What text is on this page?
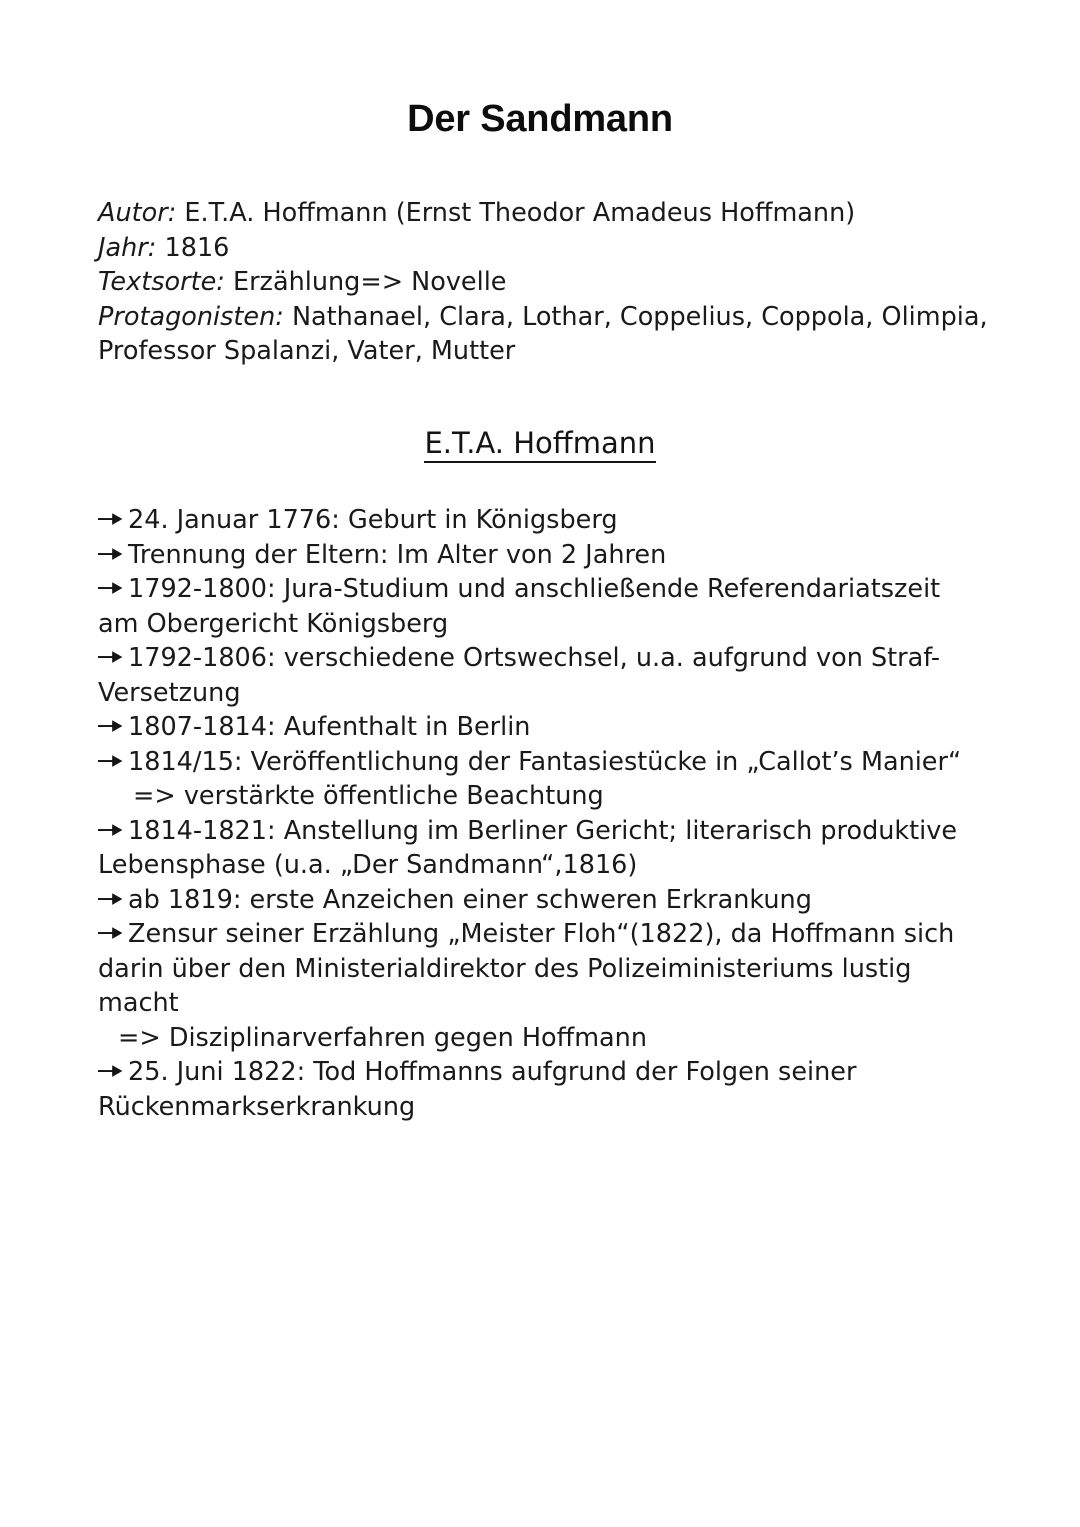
Der Sandmann
Autor: E.T.A. Hoffmann (Ernst Theodor Amadeus Hoffmann)
Jahr: 1816
Textsorte: Erzählung=> Novelle
Protagonisten: Nathanael, Clara, Lothar, Coppelius, Coppola, Olimpia, Professor Spalanzi, Vater, Mutter
E.T.A. Hoffmann
24. Januar 1776: Geburt in Königsberg
Trennung der Eltern: Im Alter von 2 Jahren
1792-1800: Jura-Studium und anschließende Referendariatszeit am Obergericht Königsberg
1792-1806: verschiedene Ortswechsel, u.a. aufgrund von Straf-Versetzung
1807-1814: Aufenthalt in Berlin
1814/15: Veröffentlichung der Fantasiestücke in „Callot’s Manier“
=> verstärkte öffentliche Beachtung
1814-1821: Anstellung im Berliner Gericht; literarisch produktive Lebensphase (u.a. „Der Sandmann“,1816)
ab 1819: erste Anzeichen einer schweren Erkrankung
Zensur seiner Erzählung „Meister Floh“(1822), da Hoffmann sich darin über den Ministerialdirektor des Polizeiministeriums lustig macht
=> Disziplinarverfahren gegen Hoffmann
25. Juni 1822: Tod Hoffmanns aufgrund der Folgen seiner Rückenmarkserkrankung
